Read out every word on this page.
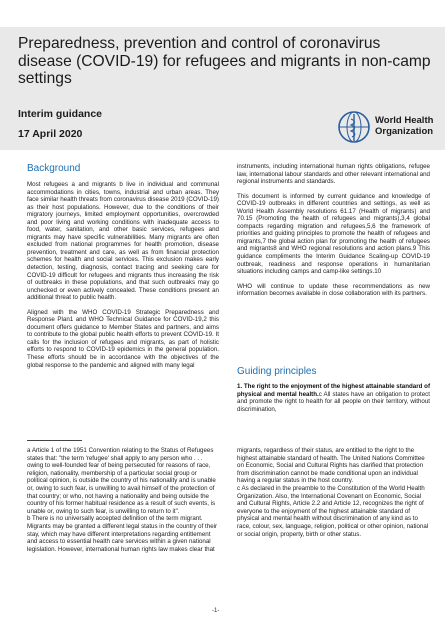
Preparedness, prevention and control of coronavirus disease (COVID-19) for refugees and migrants in non-camp settings
Interim guidance
17 April 2020
World Health Organization
Background

Most refugees a and migrants b live in individual and communal accommodations in cities, towns, industrial and urban areas. They face similar health threats from coronavirus disease 2019 (COVID-19) as their host populations. However, due to the conditions of their migratory journeys, limited employment opportunities, overcrowded and poor living and working conditions with inadequate access to food, water, sanitation, and other basic services, refugees and migrants may have specific vulnerabilities. Many migrants are often excluded from national programmes for health promotion, disease prevention, treatment and care, as well as from financial protection schemes for health and social services. This exclusion makes early detection, testing, diagnosis, contact tracing and seeking care for COVID-19 difficult for refugees and migrants thus increasing the risk of outbreaks in these populations, and that such outbreaks may go unchecked or even actively concealed. These conditions present an additional threat to public health.

Aligned with the WHO COVID-19 Strategic Preparedness and Response Plan1 and WHO Technical Guidance for COVID-19,2 this document offers guidance to Member States and partners, and aims to contribute to the global public health efforts to prevent COVID-19. It calls for the inclusion of refugees and migrants, as part of holistic efforts to respond to COVID-19 epidemics in the general population. These efforts should be in accordance with the objectives of the global response to the pandemic and aligned with many legal

instruments, including international human rights obligations, refugee law, international labour standards and other relevant international and regional instruments and standards.

This document is informed by current guidance and knowledge of COVID-19 outbreaks in different countries and settings, as well as World Health Assembly resolutions 61.17 (Health of migrants) and 70.15 (Promoting the health of refugees and migrants),3,4 global compacts regarding migration and refugees,5,6 the framework of priorities and guiding principles to promote the health of refugees and migrants,7 the global action plan for promoting the health of refugees and migrants8 and WHO regional resolutions and action plans.9 This guidance compliments the Interim Guidance Scaling-up COVID-19 outbreak, readiness and response operations in humanitarian situations including camps and camp-like settings.10

WHO will continue to update these recommendations as new information becomes available in close collaboration with its partners.

Guiding principles
1. The right to the enjoyment of the highest attainable standard of physical and mental health.c All states have an obligation to protect and promote the right to health for all people on their territory, without discrimination,
a Article 1 of the 1951 Convention relating to the Status of Refugees states that: "the term 'refugee' shall apply to any person who . . . owing to well-founded fear of being persecuted for reasons of race, religion, nationality, membership of a particular social group or political opinion, is outside the country of his nationality and is unable or, owing to such fear, is unwilling to avail himself of the protection of that country; or who, not having a nationality and being outside the country of his former habitual residence as a result of such events, is unable or, owing to such fear, is unwilling to return to it".
b There is no universally accepted definition of the term migrant. Migrants may be granted a different legal status in the country of their stay, which may have different interpretations regarding entitlement and access to essential health care services within a given national legislation. However, international human rights law makes clear that
migrants, regardless of their status, are entitled to the right to the highest attainable standard of health. The United Nations Committee on Economic, Social and Cultural Rights has clarified that protection from discrimination cannot be made conditional upon an individual having a regular status in the host country.
c As declared in the preamble to the Constitution of the World Health Organization. Also, the International Covenant on Economic, Social and Cultural Rights, Article 2.2 and Article 12, recognizes the right of everyone to the enjoyment of the highest attainable standard of physical and mental health without discrimination of any kind as to race, colour, sex, language, religion, political or other opinion, national or social origin, property, birth or other status.
-1-
